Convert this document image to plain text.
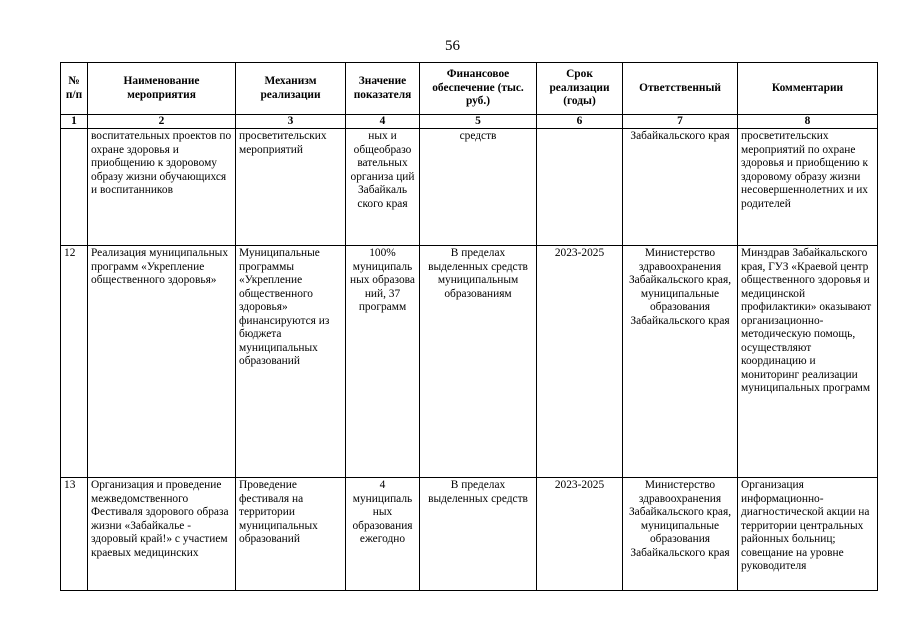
56
№ п/п	Наименование мероприятия	Механизм реализации	Значение показателя	Финансовое обеспечение (тыс. руб.)	Срок реализации (годы)	Ответственный	Комментарии
1	2	3	4	5	6	7	8
	воспитательных проектов по охране здоровья и приобщению к здоровому образу жизни обучающихся и воспитанников	просветительских мероприятий	ных и общеобразо вательных организа ций Забайкаль ского края	средств		Забайкальского края	просветительских мероприятий по охране здоровья и приобщению к здоровому образу жизни несовершеннолетних и их родителей
12	Реализация муниципальных программ «Укрепление общественного здоровья»	Муниципальные программы «Укрепление общественного здоровья» финансируются из бюджета муниципальных образований	100% муниципаль ных образова ний, 37 программ	В пределах выделенных средств муниципальным образованиям	2023-2025	Министерство здравоохранения Забайкальского края, муниципальные образования Забайкальского края	Минздрав Забайкальского края, ГУЗ «Краевой центр общественного здоровья и медицинской профилактики» оказывают организационно-методическую помощь, осуществляют координацию и мониторинг реализации муниципальных программ
13	Организация и проведение межведомственного Фестиваля здорового образа жизни «Забайкалье - здоровый край!» с участием краевых медицинских	Проведение фестиваля на территории муниципальных образований	4 муниципаль ных образования ежегодно	В пределах выделенных средств	2023-2025	Министерство здравоохранения Забайкальского края, муниципальные образования Забайкальского края	Организация информационно-диагностической акции на территории центральных районных больниц; совещание на уровне руководителя
